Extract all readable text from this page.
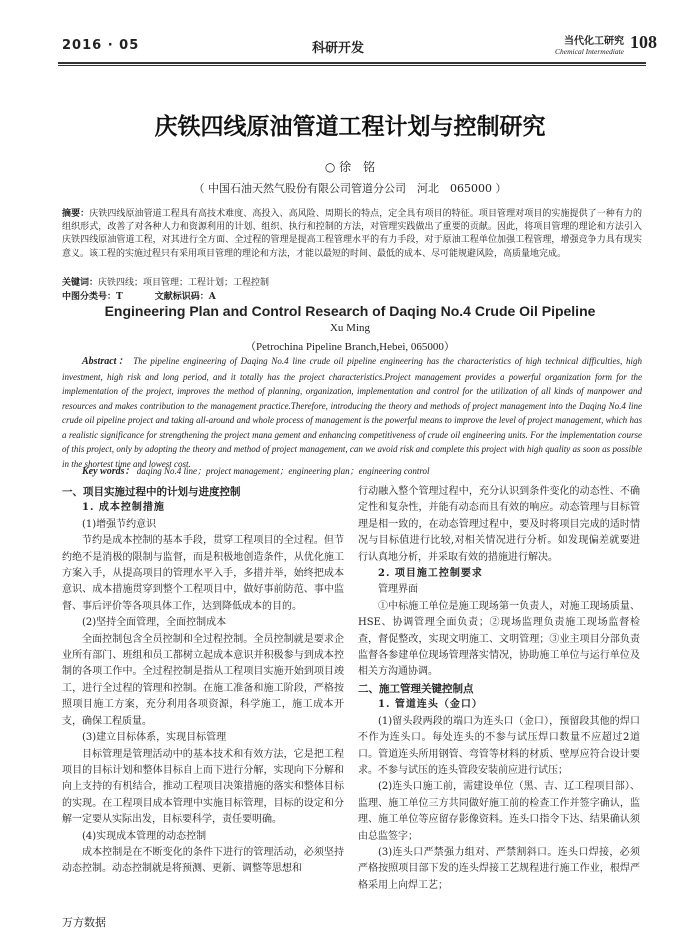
2016 · 05	科研开发	当代化工研究
Chemical Intermediate 108
庆铁四线原油管道工程计划与控制研究
○ 徐　铭
（ 中国石油天然气股份有限公司管道分公司　河北　065000 ）
摘要：庆铁四线原油管道工程具有高技术难度、高投入、高风险、周期长的特点，定全具有项目的特征。项目管理对项目的实施提供了一种有力的组织形式，改善了对各种人力和资源利用的计划、组织、执行和控制的方法，对管理实践做出了重要的贡献。因此，将项目管理的理论和方法引入庆铁四线原油管道工程，对其进行全方面、全过程的管理是提高工程管理水平的有力手段，对于原油工程单位加强工程管理，增强竞争力具有现实意义。该工程的实施过程只有采用项目管理的理论和方法，才能以最短的时间、最低的成本、尽可能规避风险，高质量地完成。
关键词：庆铁四线；项目管理；工程计划；工程控制
中图分类号：T	文献标识码：A
Engineering Plan and Control Research of Daqing No.4 Crude Oil Pipeline
Xu Ming
（Petrochina Pipeline Branch,Hebei, 065000）
Abstract： The pipeline engineering of Daqing No.4 line crude oil pipeline engineering has the characteristics of high technical difficulties, high investment, high risk and long period, and it totally has the project characteristics.Project management provides a powerful organization form for the implementation of the project, improves the method of planning, organization, implementation and control for the utilization of all kinds of manpower and resources and makes contribution to the management practice.Therefore, introducing the theory and methods of project management into the Daqing No.4 line crude oil pipeline project and taking all-around and whole process of management is the powerful means to improve the level of project management, which has a realistic significance for strengthening the project mana gement and enhancing competitiveness of crude oil engineering units. For the implementation course of this project, only by adopting the theory and method of project management, can we avoid risk and complete this project with high quality as soon as possible in the shortest time and lowest cost.
Key words： daqing No.4 line；project management；engineering plan；engineering control

一、项目实施过程中的计划与进度控制

1. 成本控制措施

(1)增强节约意识

节约是成本控制的基本手段，贯穿工程项目的全过程。但节约绝不是消极的限制与监督，而是积极地创造条件，从优化施工方案入手，从提高项目的管理水平入手，多措并举，始终把成本意识、成本措施贯穿到整个工程项目中，做好事前防范、事中监督、事后评价等各项具体工作，达到降低成本的目的。

(2)坚持全面管理，全面控制成本

全面控制包含全员控制和全过程控制。全员控制就是要求企业所有部门、班组和员工都树立起成本意识并积极参与到成本控制的各项工作中。全过程控制是指从工程项目实施开始到项目竣工，进行全过程的管理和控制。在施工准备和施工阶段，严格按照项目施工方案，充分利用各项资源，科学施工，施工成本开支，确保工程质量。

(3)建立目标体系，实现目标管理

目标管理是管理活动中的基本技术和有效方法，它是把工程项目的目标计划和整体目标自上而下进行分解，实现向下分解和向上支持的有机结合，推动工程项目决策措施的落实和整体目标的实现。在工程项目成本管理中实施目标管理，目标的设定和分解一定要从实际出发，目标要科学，责任要明确。

(4)实现成本管理的动态控制

成本控制是在不断变化的条件下进行的管理活动，必须坚持动态控制。动态控制就是将预测、更新、调整等思想和

行动融入整个管理过程中，充分认识到条件变化的动态性、不确定性和复杂性，并能有动态而且有效的响应。动态管理与目标管理是相一致的，在动态管理过程中，要及时将项目完成的适时情况与目标值进行比较,对相关情况进行分析。如发现偏差就要进行认真地分析，并采取有效的措施进行解决。

2. 项目施工控制要求

管理界面

①中标施工单位是施工现场第一负责人，对施工现场质量、HSE、协调管理全面负责；②现场监理负责施工现场监督检查，督促整改，实现文明施工、文明管理；③业主项目分部负责监督各参建单位现场管理落实情况，协助施工单位与运行单位及相关方沟通协调。

二、施工管理关键控制点

1. 管道连头（金口）

(1)留头段两段的端口为连头口（金口），预留段其他的焊口不作为连头口。每处连头的不参与试压焊口数量不应超过2道口。管道连头所用钢管、弯管等材料的材质、壁厚应符合设计要求。不参与试压的连头管段安装前应进行试压；

(2)连头口施工前，需建设单位（黑、吉、辽工程项目部）、监理、施工单位三方共同做好施工前的检查工作并签字确认，监理、施工单位等应留存影像资料。连头口指令下达、结果确认须由总监签字；

(3)连头口严禁强力组对、严禁割斜口。连头口焊接，必须严格按照项目部下发的连头焊接工艺规程进行施工作业，根焊严格采用上向焊工艺；

万方数据
